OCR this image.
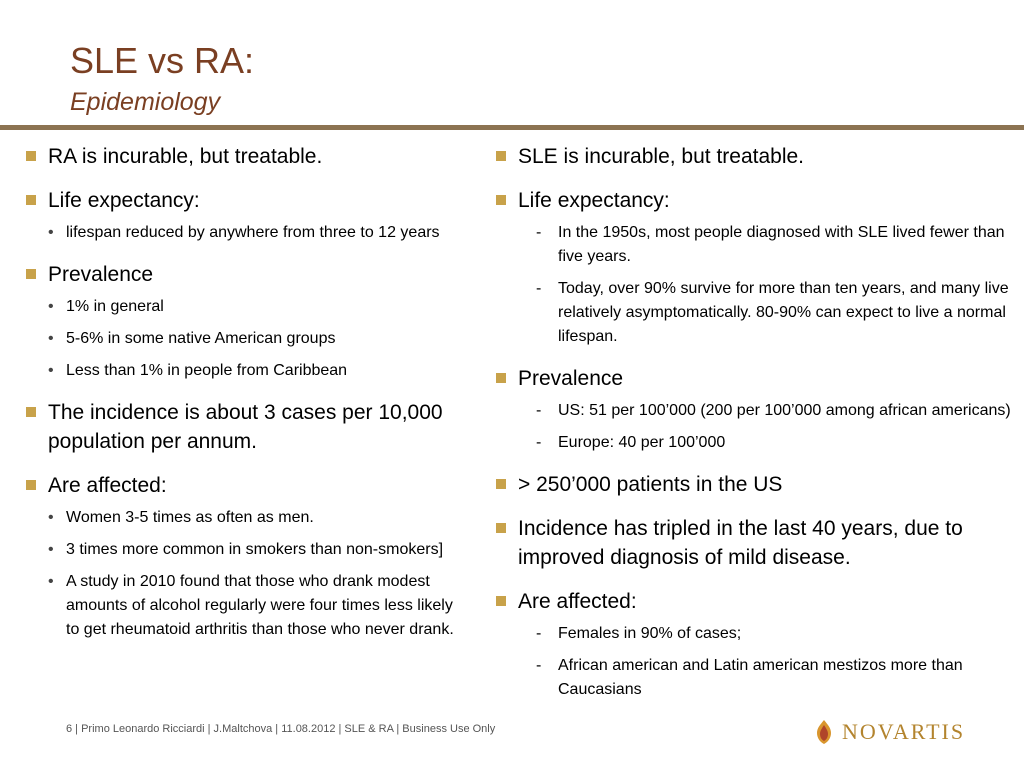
SLE vs RA:
Epidemiology
RA is incurable, but treatable.
Life expectancy:
• lifespan reduced by anywhere from three to 12 years
Prevalence
• 1% in general
• 5-6% in some native American groups
• Less than 1% in people from Caribbean
The incidence is about 3 cases per 10,000 population per annum.
Are affected:
• Women 3-5 times as often as men.
• 3 times more common in smokers than non-smokers]
• A study in 2010 found that those who drank modest amounts of alcohol regularly were four times less likely to get rheumatoid arthritis than those who never drank.
SLE is incurable, but treatable.
Life expectancy:
- In the 1950s, most people diagnosed with SLE lived fewer than five years.
- Today, over 90% survive for more than ten years, and many live relatively asymptomatically. 80-90% can expect to live a normal lifespan.
Prevalence
- US: 51 per 100’000 (200 per 100’000 among african americans)
- Europe: 40 per 100’000
> 250’000 patients in the US
Incidence has tripled in the last 40 years, due to improved diagnosis of mild disease.
Are affected:
- Females in 90% of cases;
- African american and Latin american mestizos more than Caucasians
6 | Primo Leonardo Ricciardi | J.Maltchova | 11.08.2012 | SLE & RA | Business Use Only	NOVARTIS
